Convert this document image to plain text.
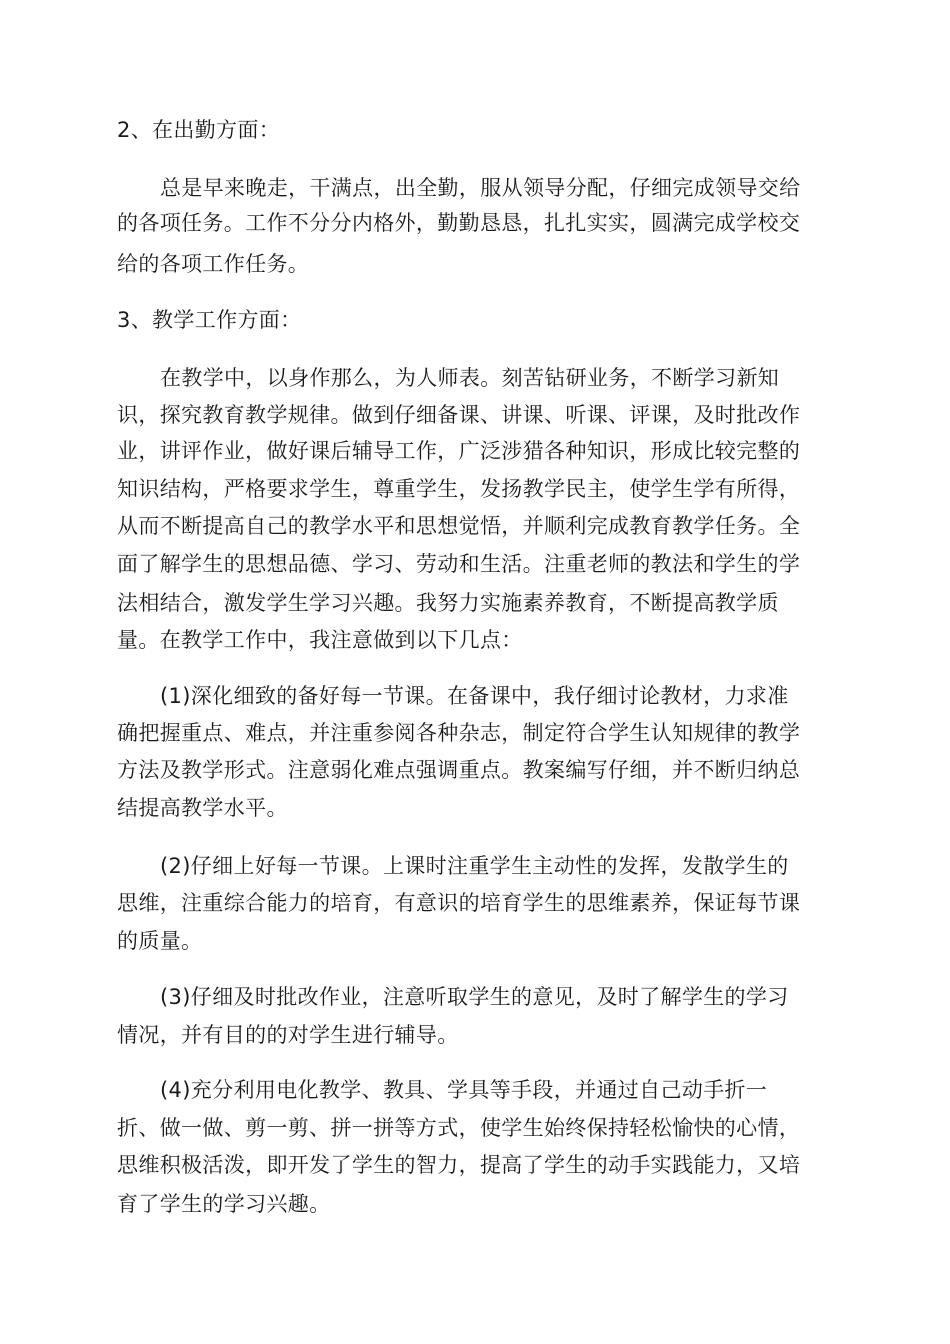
2、在出勤方面：
总是早来晚走，干满点，出全勤，服从领导分配，仔细完成领导交给
的各项任务。工作不分分内格外，勤勤恳恳，扎扎实实，圆满完成学校交
给的各项工作任务。
3、教学工作方面：
在教学中，以身作那么，为人师表。刻苦钻研业务，不断学习新知
识，探究教育教学规律。做到仔细备课、讲课、听课、评课，及时批改作
业，讲评作业，做好课后辅导工作，广泛涉猎各种知识，形成比较完整的
知识结构，严格要求学生，尊重学生，发扬教学民主，使学生学有所得，
从而不断提高自己的教学水平和思想觉悟，并顺利完成教育教学任务。全
面了解学生的思想品德、学习、劳动和生活。注重老师的教法和学生的学
法相结合，激发学生学习兴趣。我努力实施素养教育，不断提高教学质
量。在教学工作中，我注意做到以下几点：
(1)深化细致的备好每一节课。在备课中，我仔细讨论教材，力求准
确把握重点、难点，并注重参阅各种杂志，制定符合学生认知规律的教学
方法及教学形式。注意弱化难点强调重点。教案编写仔细，并不断归纳总
结提高教学水平。
(2)仔细上好每一节课。上课时注重学生主动性的发挥，发散学生的
思维，注重综合能力的培育，有意识的培育学生的思维素养，保证每节课
的质量。
(3)仔细及时批改作业，注意听取学生的意见，及时了解学生的学习
情况，并有目的的对学生进行辅导。
(4)充分利用电化教学、教具、学具等手段，并通过自己动手折一
折、做一做、剪一剪、拼一拼等方式，使学生始终保持轻松愉快的心情，
思维积极活泼，即开发了学生的智力，提高了学生的动手实践能力，又培
育了学生的学习兴趣。
